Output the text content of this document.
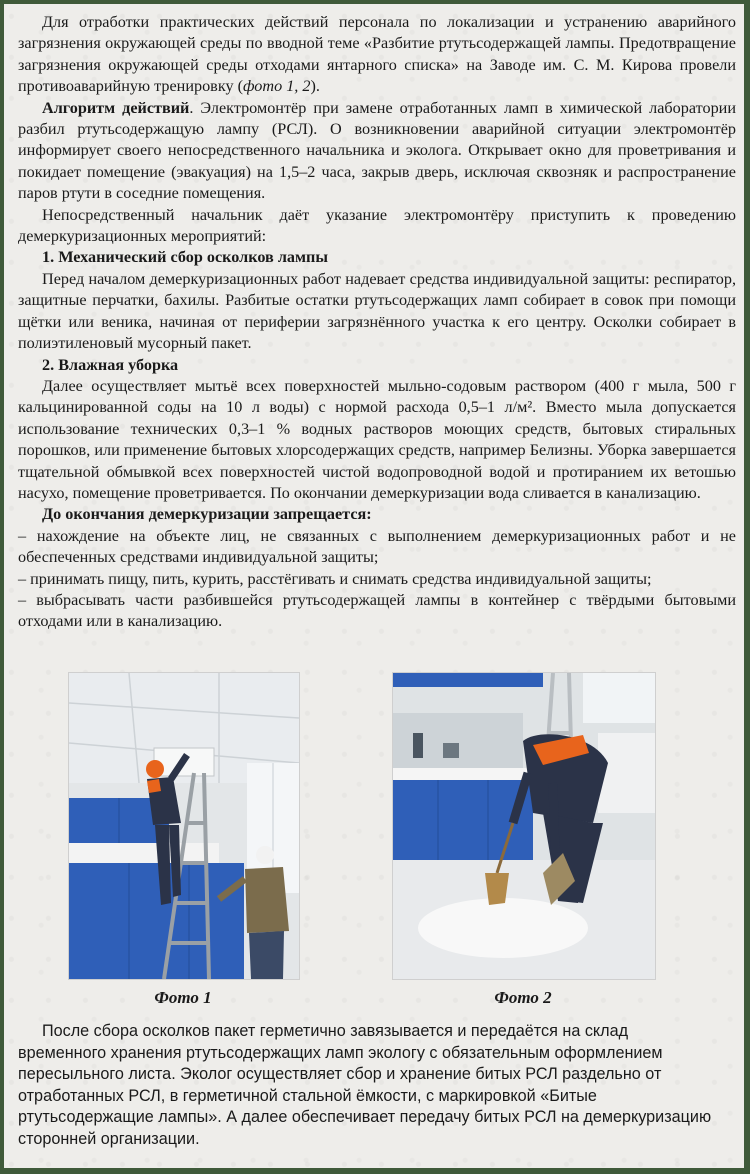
Для отработки практических действий персонала по локализации и устранению аварийного загрязнения окружающей среды по вводной теме «Разбитие ртутьсодержащей лампы. Предотвращение загрязнения окружающей среды отходами янтарного списка» на Заводе им. С. М. Кирова провели противоаварийную тренировку (фото 1, 2).

Алгоритм действий. Электромонтёр при замене отработанных ламп в химической лаборатории разбил ртутьсодержащую лампу (РСЛ). О возникновении аварийной ситуации электромонтёр информирует своего непосредственного начальника и эколога. Открывает окно для проветривания и покидает помещение (эвакуация) на 1,5–2 часа, закрыв дверь, исключая сквозняк и распространение паров ртути в соседние помещения.

Непосредственный начальник даёт указание электромонтёру приступить к проведению демеркуризационных мероприятий:

1. Механический сбор осколков лампы

Перед началом демеркуризационных работ надевает средства индивидуальной защиты: респиратор, защитные перчатки, бахилы. Разбитые остатки ртутьсодержащих ламп собирает в совок при помощи щётки или веника, начиная от периферии загрязнённого участка к его центру. Осколки собирает в полиэтиленовый мусорный пакет.

2. Влажная уборка

Далее осуществляет мытьё всех поверхностей мыльно-содовым раствором (400 г мыла, 500 г кальцинированной соды на 10 л воды) с нормой расхода 0,5–1 л/м². Вместо мыла допускается использование технических 0,3–1 % водных растворов моющих средств, бытовых стиральных порошков, или применение бытовых хлорсодержащих средств, например Белизны. Уборка завершается тщательной обмывкой всех поверхностей чистой водопроводной водой и протиранием их ветошью насухо, помещение проветривается. По окончании демеркуризации вода сливается в канализацию.

До окончания демеркуризации запрещается:

– нахождение на объекте лиц, не связанных с выполнением демеркуризационных работ и не обеспеченных средствами индивидуальной защиты;

– принимать пищу, пить, курить, расстёгивать и снимать средства индивидуальной защиты;

– выбрасывать части разбившейся ртутьсодержащей лампы в контейнер с твёрдыми бытовыми отходами или в канализацию.

Фото 1	Фото 2

После сбора осколков пакет герметично завязывается и передаётся на склад временного хранения ртутьсодержащих ламп экологу с обязательным оформлением пересыльного листа. Эколог осуществляет сбор и хранение битых РСЛ раздельно от отработанных РСЛ, в герметичной стальной ёмкости, с маркировкой «Битые ртутьсодержащие лампы». А далее обеспечивает передачу битых РСЛ на демеркуризацию сторонней организации.
